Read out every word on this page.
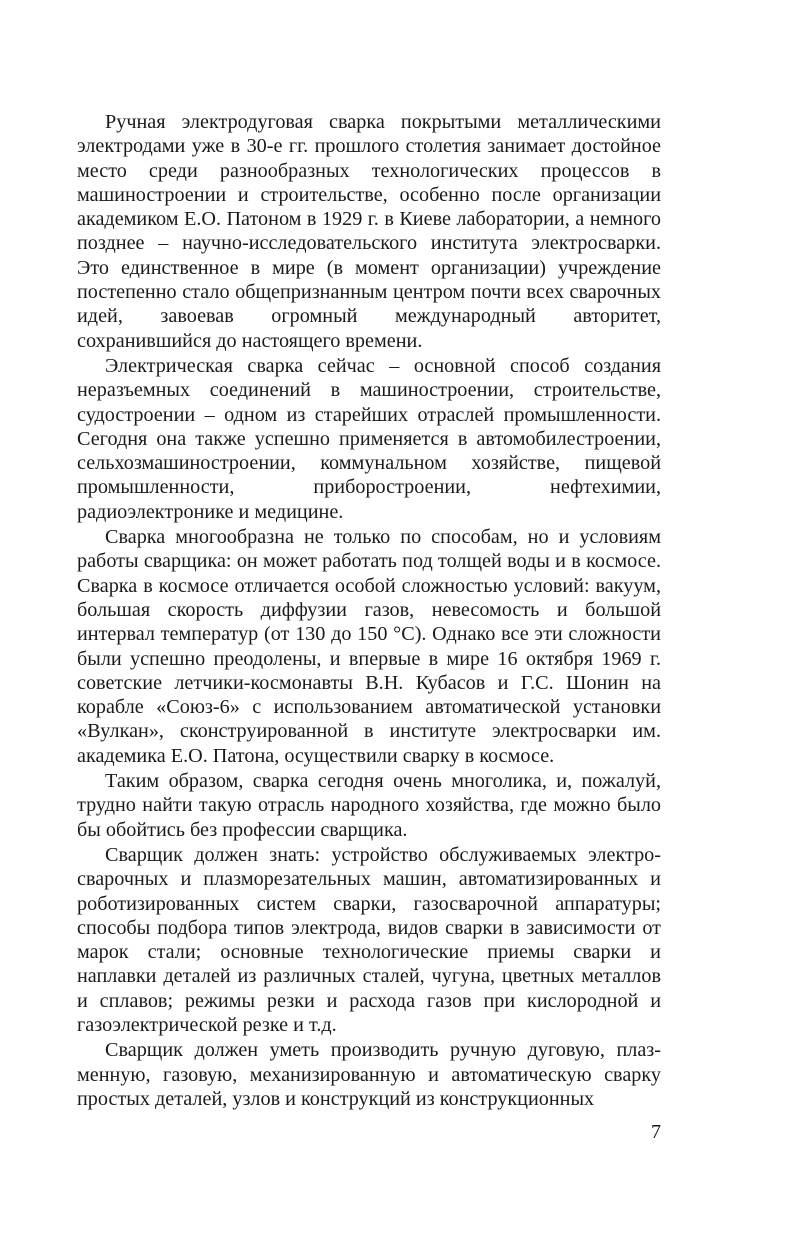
Ручная электродуговая сварка покрытыми металлическими электродами уже в 30-е гг. прошлого столетия занимает достойное место среди разнообразных технологических процессов в машиностроении и строительстве, особенно после организации академиком Е.О. Патоном в 1929 г. в Киеве лаборатории, а немного позднее – научно-исследовательского института электросварки. Это единственное в мире (в момент организации) учреждение постепенно стало общепризнанным центром почти всех сварочных идей, завоевав огромный международный авторитет, сохранившийся до настоящего времени.

Электрическая сварка сейчас – основной способ создания неразъемных соединений в машиностроении, строительстве, судостроении – одном из старейших отраслей промышленности. Сегодня она также успешно применяется в автомобилестроении, сельхозмашиностроении, коммунальном хозяйстве, пищевой промышленности, приборостроении, нефтехимии, радиоэлектронике и медицине.

Сварка многообразна не только по способам, но и условиям работы сварщика: он может работать под толщей воды и в космосе. Сварка в космосе отличается особой сложностью условий: вакуум, большая скорость диффузии газов, невесомость и большой интервал температур (от 130 до 150 °С). Однако все эти сложности были успешно преодолены, и впервые в мире 16 октября 1969 г. советские летчики-космонавты В.Н. Кубасов и Г.С. Шонин на корабле «Союз-6» с использованием автоматической установки «Вулкан», сконструированной в институте электросварки им. академика Е.О. Патона, осуществили сварку в космосе.

Таким образом, сварка сегодня очень многолика, и, пожалуй, трудно найти такую отрасль народного хозяйства, где можно было бы обойтись без профессии сварщика.

Сварщик должен знать: устройство обслуживаемых электросварочных и плазморезательных машин, автоматизированных и роботизированных систем сварки, газосварочной аппаратуры; способы подбора типов электрода, видов сварки в зависимости от марок стали; основные технологические приемы сварки и наплавки деталей из различных сталей, чугуна, цветных металлов и сплавов; режимы резки и расхода газов при кислородной и газоэлектрической резке и т.д.

Сварщик должен уметь производить ручную дуговую, плазменную, газовую, механизированную и автоматическую сварку простых деталей, узлов и конструкций из конструкционных

7
